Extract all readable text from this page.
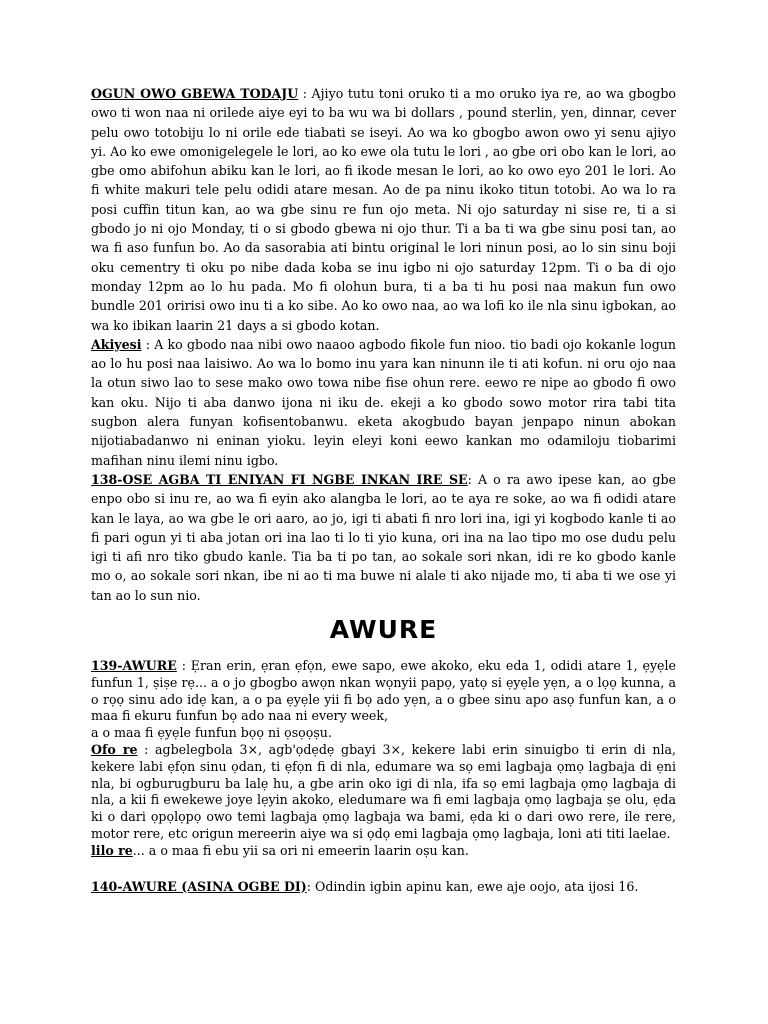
OGUN OWO GBEWA TODAJU : Ajiyo tutu toni oruko ti a mo oruko iya re, ao wa gbogbo owo ti won naa ni orilede aiye eyi to ba wu wa bi dollars , pound sterlin, yen, dinnar, cever pelu owo totobiju lo ni orile ede tiabati se iseyi. Ao wa ko gbogbo awon owo yi senu ajiyo yi. Ao ko ewe omonigelegele le lori, ao ko ewe ola tutu le lori , ao gbe ori obo kan le lori, ao gbe omo abifohun abiku kan le lori, ao fi ikode mesan le lori, ao ko owo eyo 201 le lori. Ao fi white makuri tele pelu odidi atare mesan. Ao de pa ninu ikoko titun totobi. Ao wa lo ra posi cuffin titun kan, ao wa gbe sinu re fun ojo meta. Ni ojo saturday ni sise re, ti a si gbodo jo ni ojo Monday, ti o si gbodo gbewa ni ojo thur. Ti a ba ti wa gbe sinu posi tan, ao wa fi aso funfun bo. Ao da sasorabia ati bintu original le lori ninun posi, ao lo sin sinu boji oku cementry ti oku po nibe dada koba se inu igbo ni ojo saturday 12pm. Ti o ba di ojo monday 12pm ao lo hu pada. Mo fi olohun bura, ti a ba ti hu posi naa makun fun owo bundle 201 oririsi owo inu ti a ko sibe. Ao ko owo naa, ao wa lofi ko ile nla sinu igbokan, ao wa ko ibikan laarin 21 days a si gbodo kotan.

Akiyesi : A ko gbodo naa nibi owo naaoo agbodo fikole fun nioo. tio badi ojo kokanle logun ao lo hu posi naa laisiwo. Ao wa lo bomo inu yara kan ninunn ile ti ati kofun. ni oru ojo naa la otun siwo lao to sese mako owo towa nibe fise ohun rere. eewo re nipe ao gbodo fi owo kan oku. Nijo ti aba danwo ijona ni iku de. ekeji a ko gbodo sowo motor rira tabi tita sugbon alera funyan kofisentobanwu. eketa akogbudo bayan jenpapo ninun abokan nijotiabadanwo ni eninan yioku. leyin eleyi koni eewo kankan mo odamiloju tiobarimi mafihan ninu ilemi ninu igbo.

138-OSE AGBA TI ENIYAN FI NGBE INKAN IRE SE: A o ra awo ipese kan, ao gbe enpo obo si inu re, ao wa fi eyin ako alangba le lori, ao te aya re soke, ao wa fi odidi atare kan le laya, ao wa gbe le ori aaro, ao jo, igi ti abati fi nro lori ina, igi yi kogbodo kanle ti ao fi pari ogun yi ti aba jotan ori ina lao ti lo ti yio kuna, ori ina na lao tipo mo ose dudu pelu igi ti afi nro tiko gbudo kanle. Tia ba ti po tan, ao sokale sori nkan, idi re ko gbodo kanle mo o, ao sokale sori nkan, ibe ni ao ti ma buwe ni alale ti ako nijade mo, ti aba ti we ose yi tan ao lo sun nio.

AWURE

139-AWURE : Ẹran erin, ẹran ẹfọn, ewe sapo, ewe akoko, eku eda 1, odidi atare 1, ẹyẹle funfun 1, ṣiṣe rẹ... a o jo gbogbo awọn nkan wọnyii papọ, yatọ si ẹyẹle yẹn, a o lọọ kunna, a o rọọ sinu ado idẹ kan, a o pa ẹyẹle yii fi bọ ado yẹn, a o gbee sinu apo asọ funfun kan, a o maa fi ekuru funfun bọ ado naa ni every week,
a o maa fi ẹyẹle funfun bọọ ni ọsọọṣu.

Ofo re : agbelegbola 3×, agb'ọdẹdẹ gbayi 3×, kekere labi erin sinuigbo ti erin di nla, kekere labi ẹfọn sinu ọdan, ti ẹfọn fi di nla, edumare wa sọ emi lagbaja ọmọ lagbaja di ẹni nla, bi ogburugburu ba lalẹ hu, a gbe arin oko igi di nla, ifa sọ emi lagbaja ọmọ lagbaja di nla, a kii fi ewekewe joye lẹyin akoko, eledumare wa fi emi lagbaja ọmọ lagbaja ṣe olu, ẹda ki o dari ọpọlọpọ owo temi lagbaja ọmọ lagbaja wa bami, ẹda ki o dari owo rere, ile rere, motor rere, etc origun mereerin aiye wa si ọdọ emi lagbaja ọmọ lagbaja, loni ati titi laelae.

lilo re... a o maa fi ebu yii sa ori ni emeerin laarin oṣu kan.

140-AWURE (ASINA OGBE DI): Odindin igbin apinu kan, ewe aje oojo, ata ijosi 16.
